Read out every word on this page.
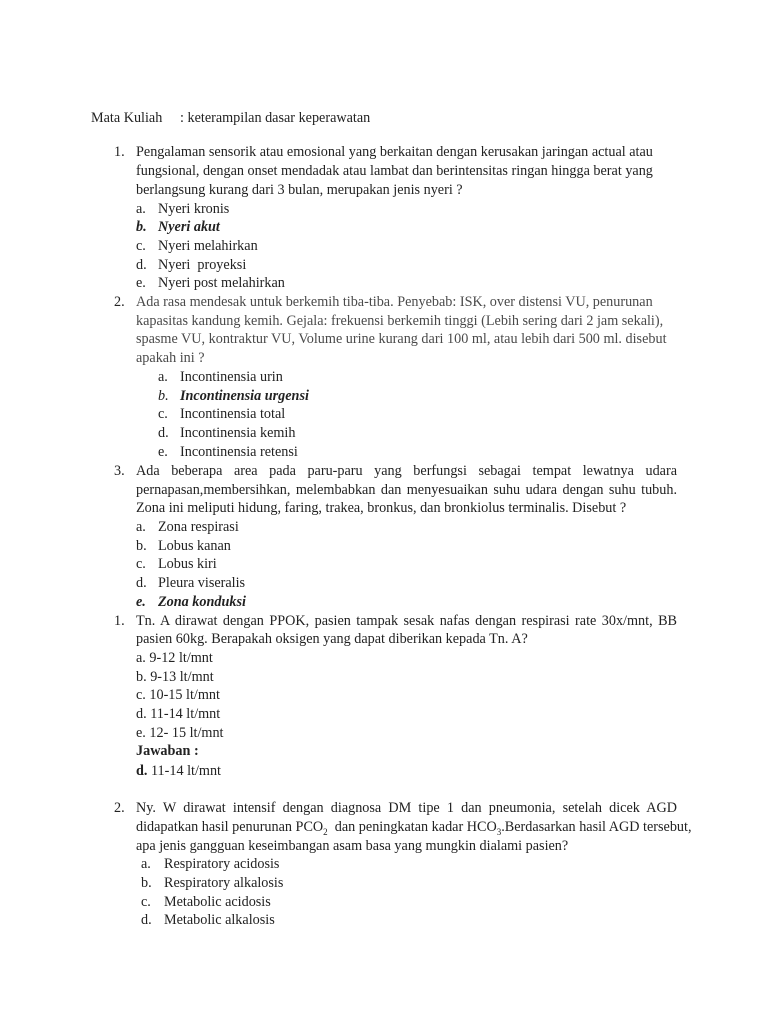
Mata Kuliah : keterampilan dasar keperawatan

1. Pengalaman sensorik atau emosional yang berkaitan dengan kerusakan jaringan actual atau

fungsional, dengan onset mendadak atau lambat dan berintensitas ringan hingga berat yang

berlangsung kurang dari 3 bulan, merupakan jenis nyeri ?

a. Nyeri kronis

b. Nyeri akut

c. Nyeri melahirkan

d. Nyeri  proyeksi

e. Nyeri post melahirkan

2. Ada rasa mendesak untuk berkemih tiba-tiba. Penyebab: ISK, over distensi VU, penurunan

kapasitas kandung kemih. Gejala: frekuensi berkemih tinggi (Lebih sering dari 2 jam sekali),

spasme VU, kontraktur VU, Volume urine kurang dari 100 ml, atau lebih dari 500 ml. disebut

apakah ini ?

a. Incontinensia urin

b. Incontinensia urgensi

c. Incontinensia total

d. Incontinensia kemih

e. Incontinensia retensi

3. Ada beberapa area pada paru-paru yang berfungsi sebagai tempat lewatnya udara

pernapasan,membersihkan, melembabkan dan menyesuaikan suhu udara dengan suhu tubuh.

Zona ini meliputi hidung, faring, trakea, bronkus, dan bronkiolus terminalis. Disebut ?

a. Zona respirasi

b. Lobus kanan

c. Lobus kiri

d. Pleura viseralis

e. Zona konduksi

1. Tn. A dirawat dengan PPOK, pasien tampak sesak nafas dengan respirasi rate 30x/mnt, BB

pasien 60kg. Berapakah oksigen yang dapat diberikan kepada Tn. A?

a. 9-12 lt/mnt

b. 9-13 lt/mnt

c. 10-15 lt/mnt

d. 11-14 lt/mnt

e. 12- 15 lt/mnt

Jawaban :

d. 11-14 lt/mnt

2. Ny. W dirawat intensif dengan diagnosa DM tipe 1 dan pneumonia, setelah dicek AGD

didapatkan hasil penurunan $PCO_2$  dan peningkatan kadar $HCO_3.Berdasarkan$ hasil AGD tersebut,

apa jenis gangguan keseimbangan asam basa yang mungkin dialami pasien?

a. Respiratory acidosis

b. Respiratory alkalosis

c. Metabolic acidosis

d. Metabolic alkalosis
